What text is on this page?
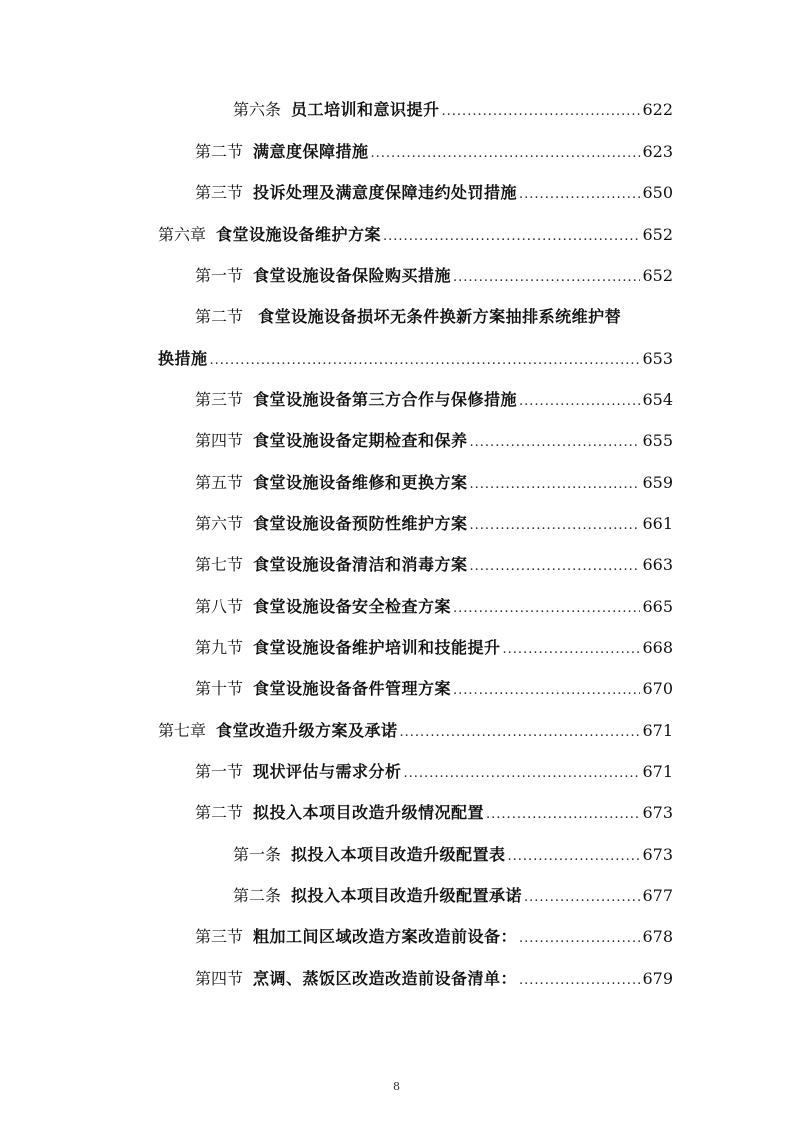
第六条 员工培训和意识提升 .....	622
第二节 满意度保障措施 .....	623
第三节 投诉处理及满意度保障违约处罚措施 .....	650
第六章 食堂设施设备维护方案 .....	652
第一节 食堂设施设备保险购买措施 .....	652
第二节 食堂设施设备损坏无条件换新方案抽排系统维护替
换措施 .....	653
第三节 食堂设施设备第三方合作与保修措施 .....	654
第四节 食堂设施设备定期检查和保养 .....	655
第五节 食堂设施设备维修和更换方案 .....	659
第六节 食堂设施设备预防性维护方案 .....	661
第七节 食堂设施设备清洁和消毒方案 .....	663
第八节 食堂设施设备安全检查方案 .....	665
第九节 食堂设施设备维护培训和技能提升 .....	668
第十节 食堂设施设备备件管理方案 .....	670
第七章 食堂改造升级方案及承诺 .....	671
第一节 现状评估与需求分析 .....	671
第二节 拟投入本项目改造升级情况配置 .....	673
第一条 拟投入本项目改造升级配置表 .....	673
第二条 拟投入本项目改造升级配置承诺 .....	677
第三节 粗加工间区域改造方案改造前设备： .....	678
第四节 烹调、蒸饭区改造改造前设备清单： .....	679
8
